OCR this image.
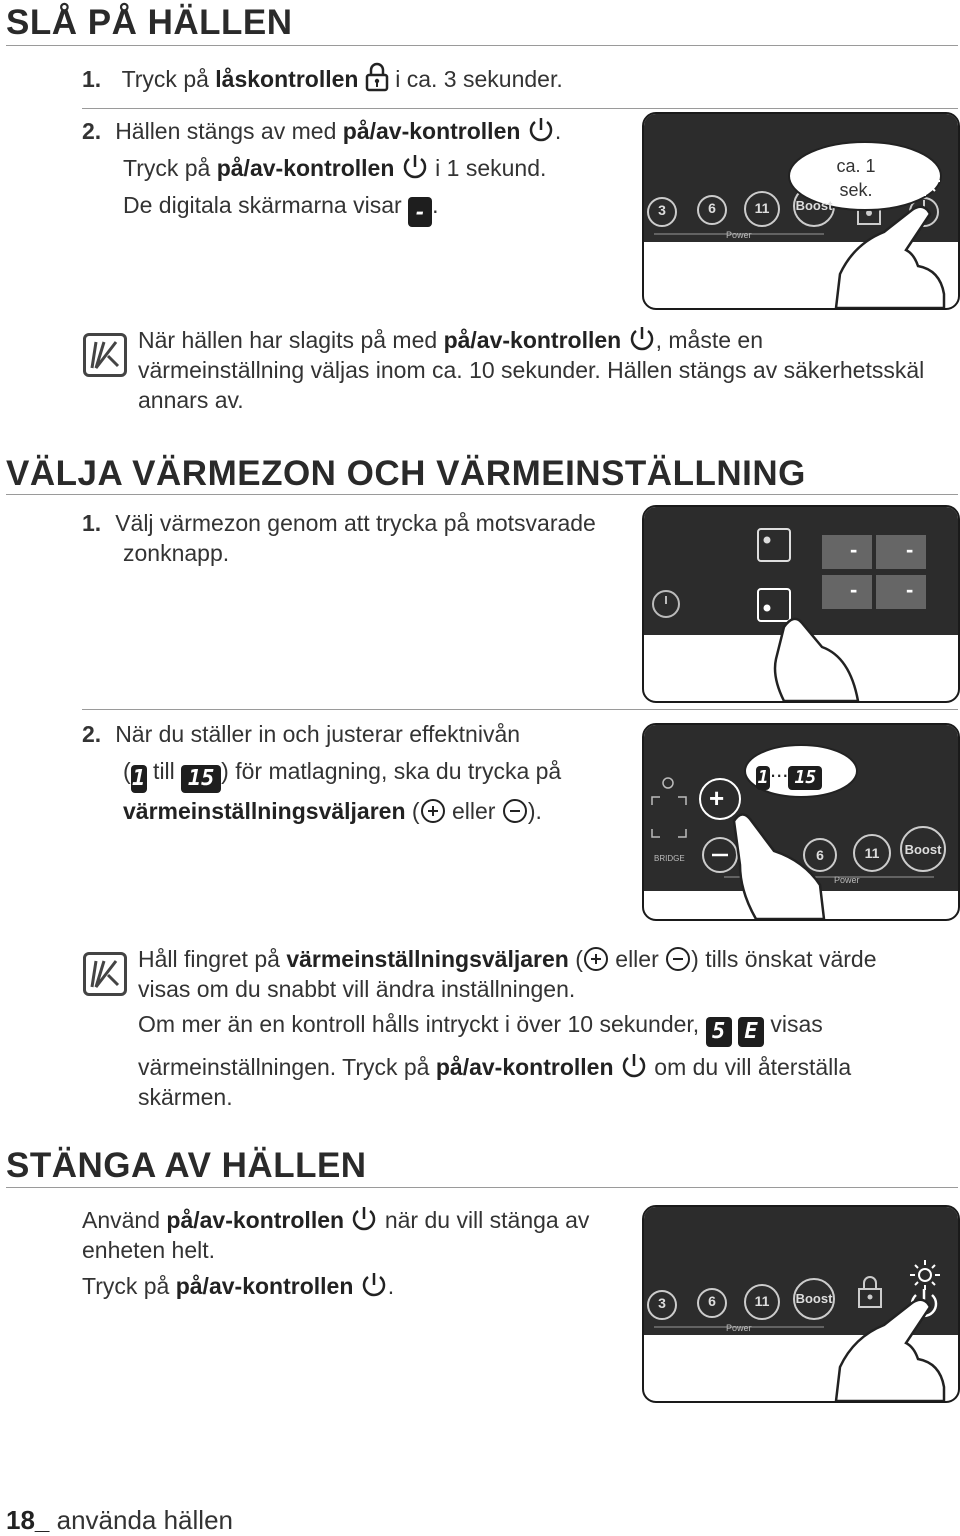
SLÅ PÅ HÄLLEN
1. Tryck på låskontrollen  i ca. 3 sekunder.
2. Hällen stängs av med på/av-kontrollen .
Tryck på på/av-kontrollen  i 1 sekund.
De digitala skärmarna visar - .
ca. 1
sek.
3	6	11	Boost
Power
När hällen har slagits på med på/av-kontrollen , måste en
värmeinställning väljas inom ca. 10 sekunder. Hällen stängs av säkerhetsskäl
annars av.
VÄLJA VÄRMEZON OCH VÄRMEINSTÄLLNING
1. Välj värmezon genom att trycka på motsvarade
zonknapp.	- -
- -
2. När du ställer in och justerar effektnivån
(1 till 15 ) för matlagning, ska du trycka på
värmeinställningsväljaren ( eller ).	+
1... 15
BRIDGE	6	11	Boost
Power
Håll fingret på värmeinställningsväljaren ( eller ) tills önskat värde
visas om du snabbt vill ändra inställningen.
Om mer än en kontroll hålls intryckt i över 10 sekunder, 5 E visas
värmeinställningen. Tryck på på/av-kontrollen  om du vill återställa
skärmen.
STÄNGA AV HÄLLEN
Använd på/av-kontrollen  när du vill stänga av
enheten helt.
Tryck på på/av-kontrollen .
3	6	11	Boost
Power
18_ använda hällen
